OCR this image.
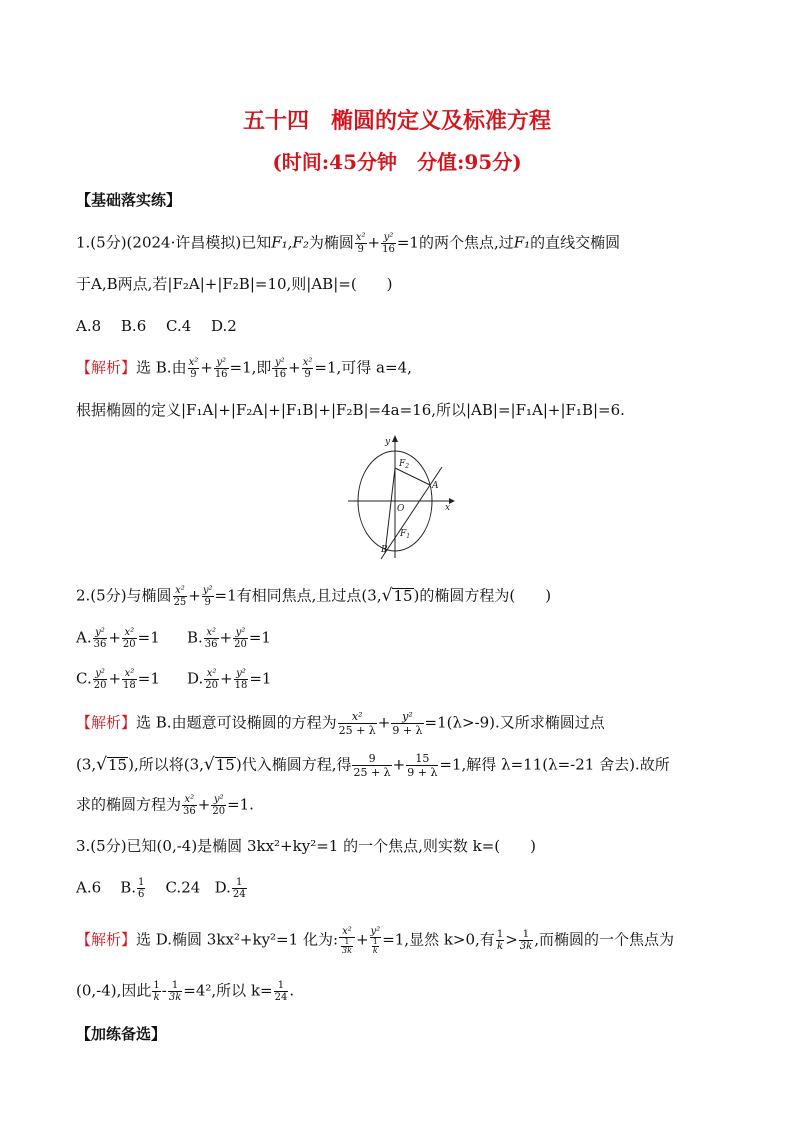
五十四　椭圆的定义及标准方程
(时间:45分钟　分值:95分)
【基础落实练】
1.(5分)(2024·许昌模拟)已知F₁,F₂为椭圆 $\frac{\text{x²}}{9} + \frac{\text{y²}}{16} =1$的两个焦点,过F₁的直线交椭圆
于A,B两点,若|F₂A|+|F₂B|=10,则|AB|=(　　)
A.8　 B.6　 C.4　 D.2
【解析】选 B.由 $\frac{\text{x²}}{9} + \frac{\text{y²}}{16} =1$,即 $\frac{\text{y²}}{16} + \frac{\text{x²}}{9} =1$,可得 a=4,
根据椭圆的定义|F₁A|+|F₂A|+|F₁B|+|F₂B|=4a=16,所以|AB|=|F₁A|+|F₁B|=6.
y
x
O
A
B
$F_2$
$F_1$
2.(5分)与椭圆 $\frac{\text{x²}}{25} + \frac{\text{y²}}{9} =1$有相同焦点,且过点(3,√15)的椭圆方程为(　　)
A. $\frac{\text{y²}}{36} + \frac{\text{x²}}{20} =1$ B. $\frac{\text{x²}}{36} + \frac{\text{y²}}{20} =1$
C. $\frac{\text{y²}}{20} + \frac{\text{x²}}{18} =1$ D. $\frac{\text{x²}}{20} + \frac{\text{y²}}{18} =1$
【解析】选 B.由题意可设椭圆的方程为 $\frac{\text{x²}}{25 + \lambda} + \frac{\text{y²}}{9 + \lambda} =1(\lambda>-9)$.又所求椭圆过点
(3,√15),所以将(3,√15)代入椭圆方程,得 $\frac{9}{25 + \lambda} + \frac{15}{9 + \lambda} =1$,解得 λ=11(λ=-21 舍去).故所
求的椭圆方程为 $\frac{\text{x²}}{36} + \frac{\text{y²}}{20} =1$.
3.(5分)已知(0,-4)是椭圆 3kx²+ky²=1 的一个焦点,则实数 k=(　　)
A.6 B. $\frac{1}{6} C.24$ D. $\frac{1}{24}$
【解析】选 D.椭圆 3kx²+ky²=1 化为: $\frac{\text{x²}}{\frac{1}{3k}} + \frac{\text{y²}}{\frac{1}{k}} =1$,显然 k>0,有 $\frac{1}{k} > \frac{1}{3k}$ ,而椭圆的一个焦点为
(0,-4),因此 $\frac{1}{k} - \frac{1}{3k} =4^2$,所以 $k= \frac{1}{24}$ .
【加练备选】
